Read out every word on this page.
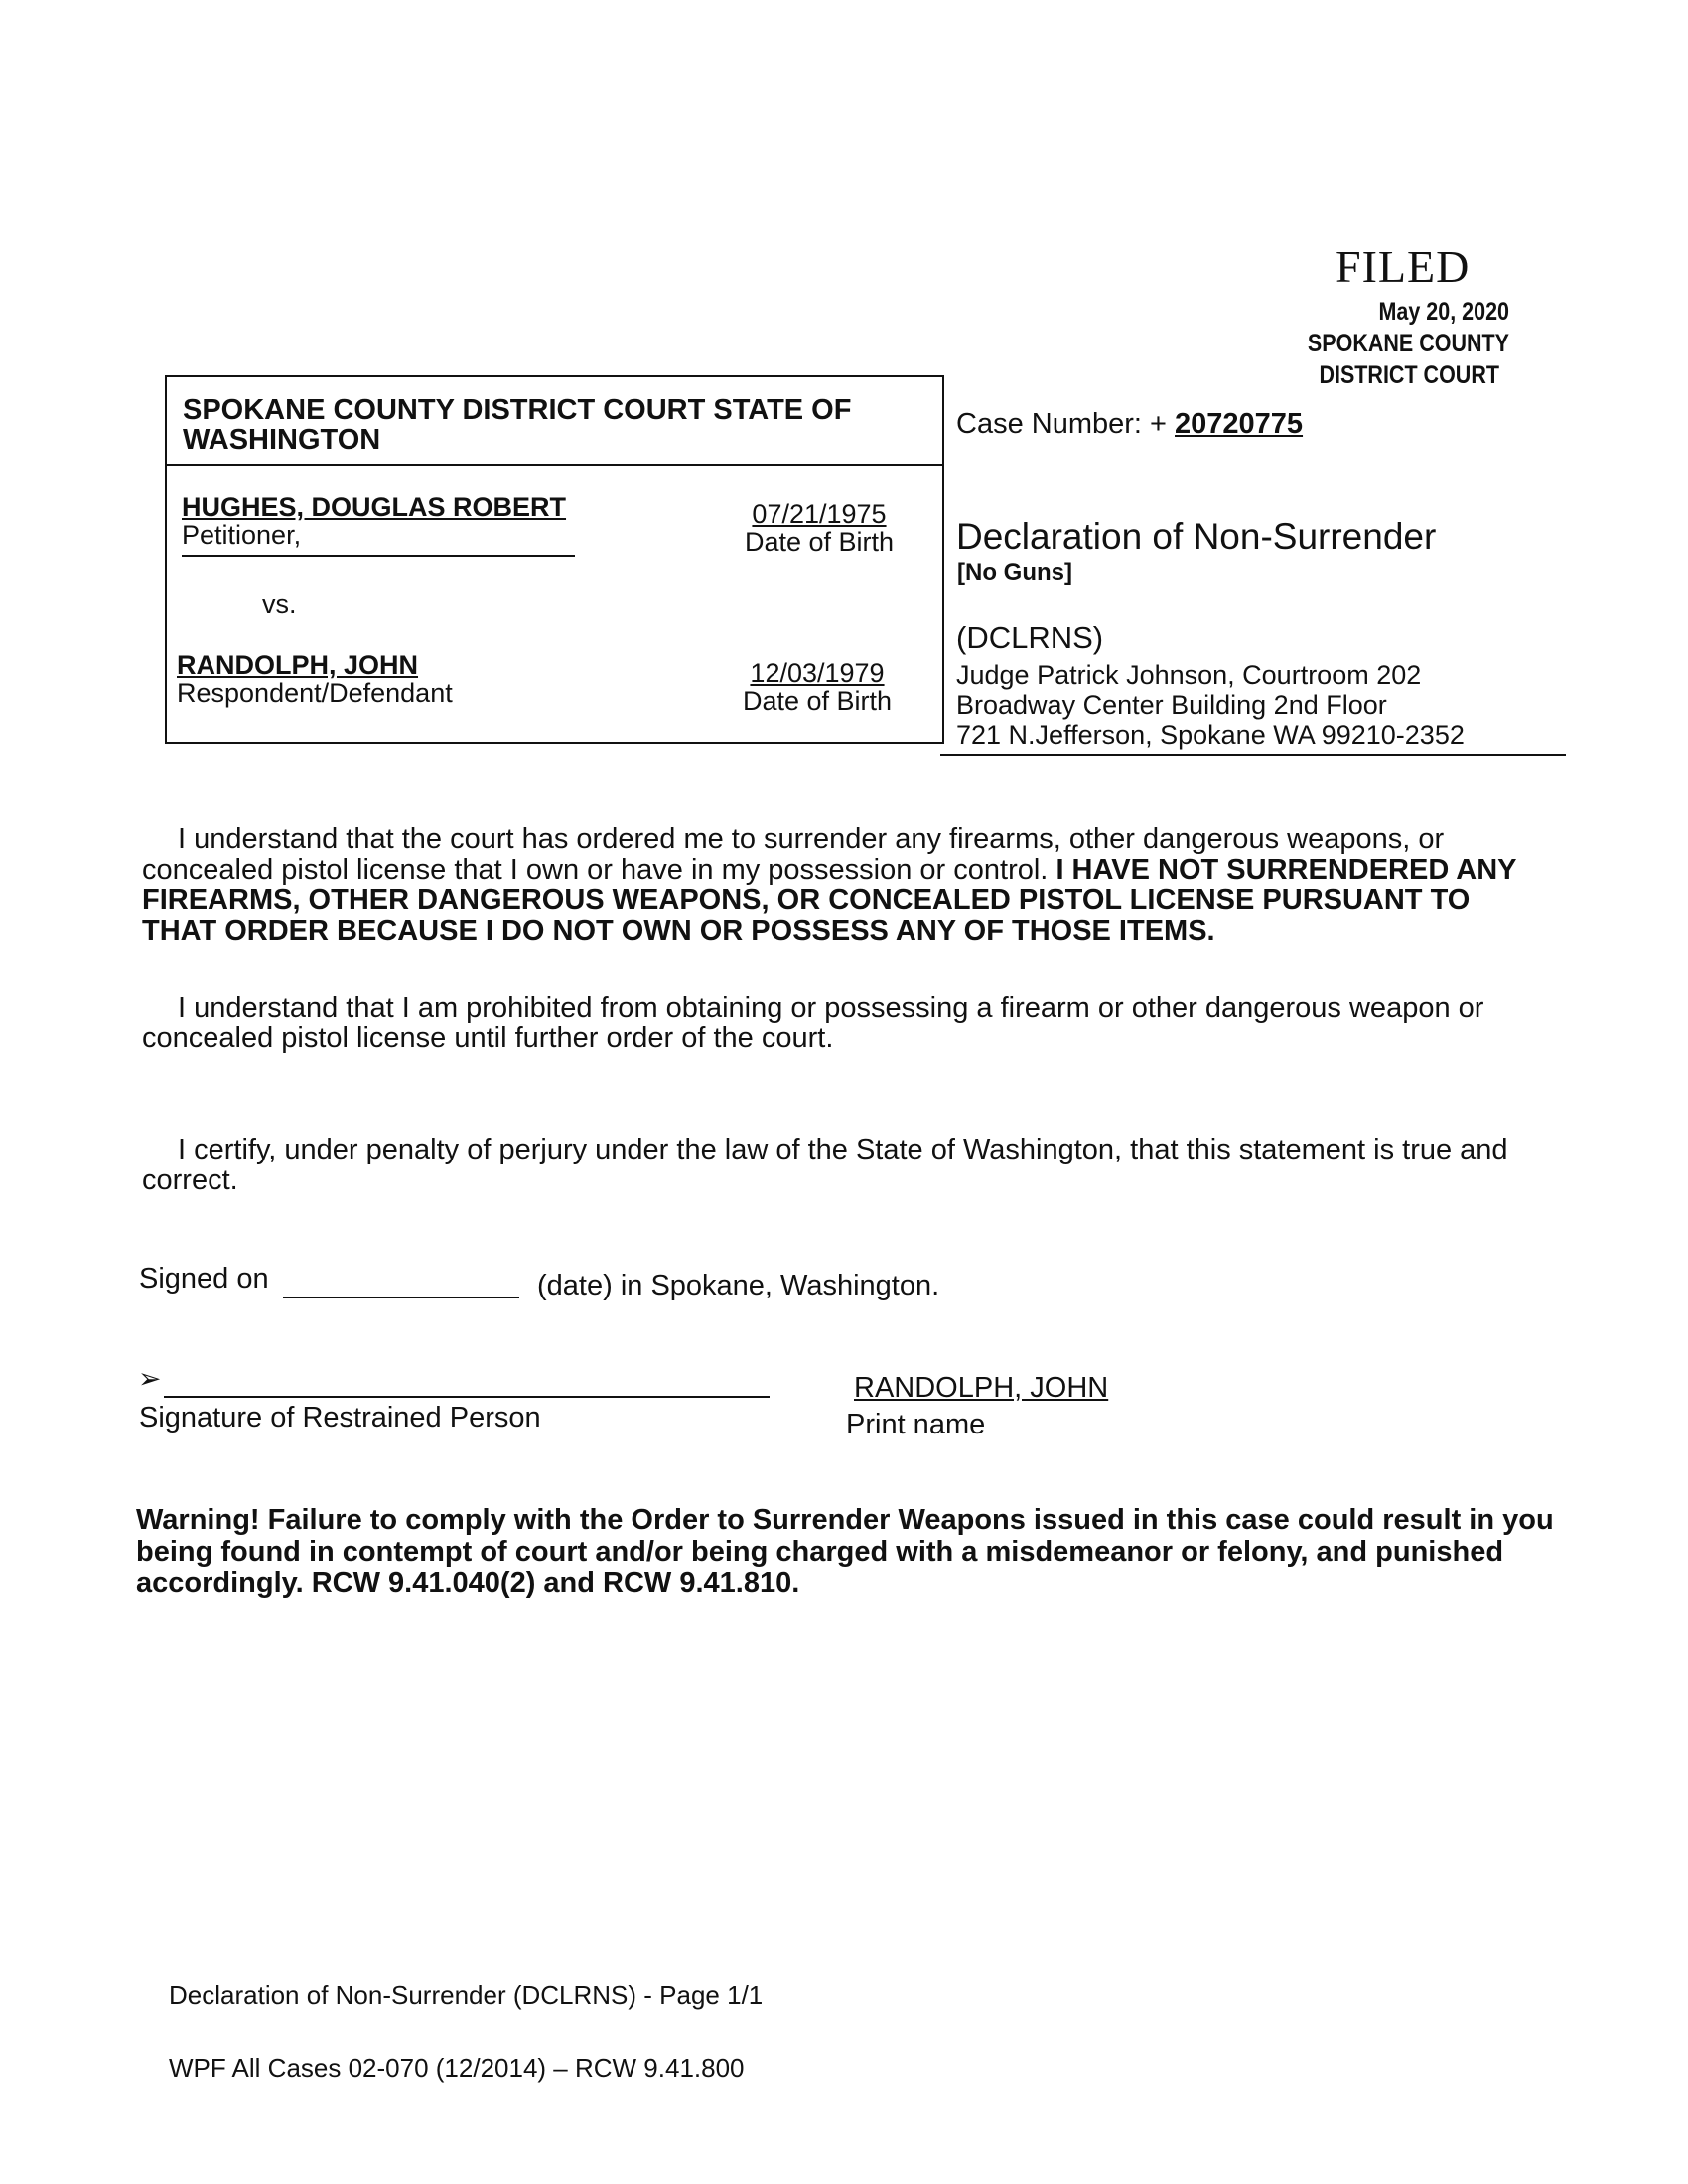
FILED
May 20, 2020
SPOKANE COUNTY
DISTRICT COURT
SPOKANE COUNTY DISTRICT COURT STATE OF WASHINGTON
HUGHES, DOUGLAS ROBERT
Petitioner,
07/21/1975
Date of Birth
vs.
RANDOLPH, JOHN
Respondent/Defendant
12/03/1979
Date of Birth
Case Number: + 20720775
Declaration of Non-Surrender
[No Guns]
(DCLRNS)
Judge Patrick Johnson, Courtroom 202
Broadway Center Building 2nd Floor
721 N.Jefferson, Spokane WA 99210-2352
I understand that the court has ordered me to surrender any firearms, other dangerous weapons, or concealed pistol license that I own or have in my possession or control. I HAVE NOT SURRENDERED ANY FIREARMS, OTHER DANGEROUS WEAPONS, OR CONCEALED PISTOL LICENSE PURSUANT TO THAT ORDER BECAUSE I DO NOT OWN OR POSSESS ANY OF THOSE ITEMS.
I understand that I am prohibited from obtaining or possessing a firearm or other dangerous weapon or concealed pistol license until further order of the court.
I certify, under penalty of perjury under the law of the State of Washington, that this statement is true and correct.
Signed on	(date) in Spokane, Washington.
➢
Signature of Restrained Person
RANDOLPH, JOHN
Print name
Warning! Failure to comply with the Order to Surrender Weapons issued in this case could result in you being found in contempt of court and/or being charged with a misdemeanor or felony, and punished accordingly. RCW 9.41.040(2) and RCW 9.41.810.
Declaration of Non-Surrender (DCLRNS) - Page 1/1
WPF All Cases 02-070 (12/2014) – RCW 9.41.800
